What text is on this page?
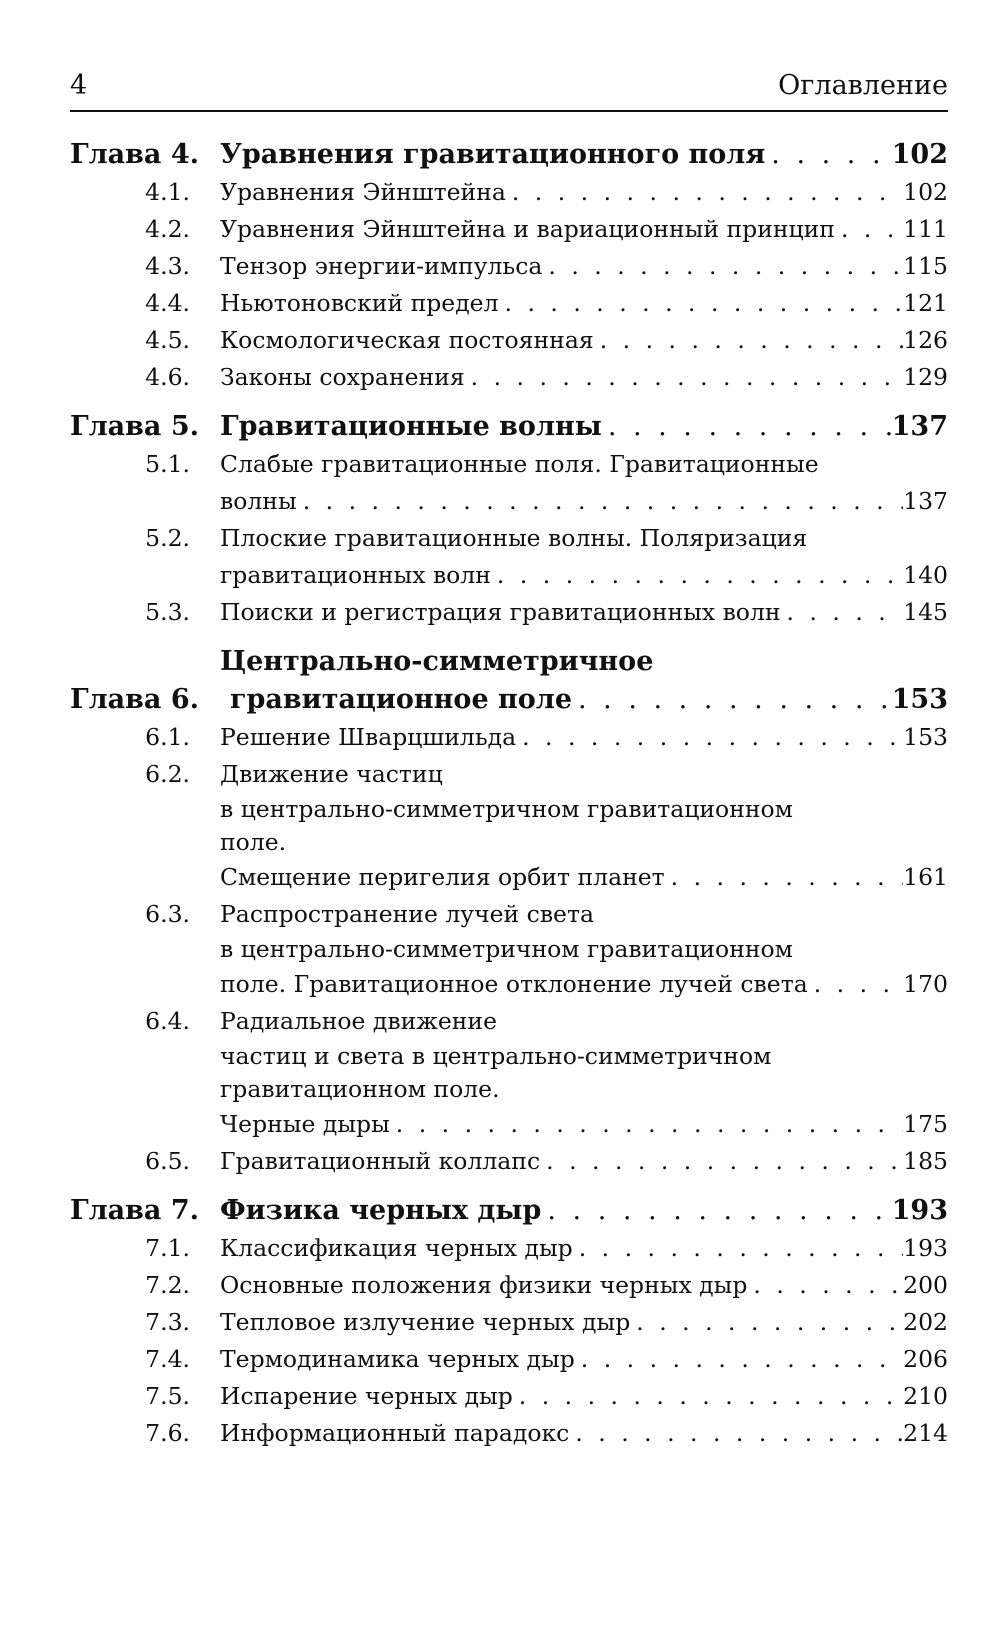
4	Оглавление
Глава 4. Уравнения гравитационного поля . . .	102
4.1. Уравнения Эйнштейна . . .	102
4.2. Уравнения Эйнштейна и вариационный принцип . . .	111
4.3. Тензор энергии-импульса . . .	115
4.4. Ньютоновский предел . . .	121
4.5. Космологическая постоянная . . .	126
4.6. Законы сохранения . . .	129
Глава 5. Гравитационные волны . . .	137
5.1. Слабые гравитационные поля. Гравитационные
волны . . .	137
5.2. Плоские гравитационные волны. Поляризация
гравитационных волн . . .	140
5.3. Поиски и регистрация гравитационных волн . . .	145
Глава 6.
Центрально-симметричное
гравитационное поле . . .	153
6.1. Решение Шварцшильда . . .	153
6.2. Движение частиц
в центрально-симметричном гравитационном
поле.
Смещение перигелия орбит планет . . .	161
6.3. Распространение лучей света
в центрально-симметричном гравитационном
поле. Гравитационное отклонение лучей света . . .	170
6.4. Радиальное движение
частиц и света в центрально-симметричном
гравитационном поле.
Черные дыры . . .	175
6.5. Гравитационный коллапс . . .	185
Глава 7. Физика черных дыр . . .	193
7.1. Классификация черных дыр . . .	193
7.2. Основные положения физики черных дыр . . .	200
7.3. Тепловое излучение черных дыр . . .	202
7.4. Термодинамика черных дыр . . .	206
7.5. Испарение черных дыр . . .	210
7.6. Информационный парадокс . . .	214
